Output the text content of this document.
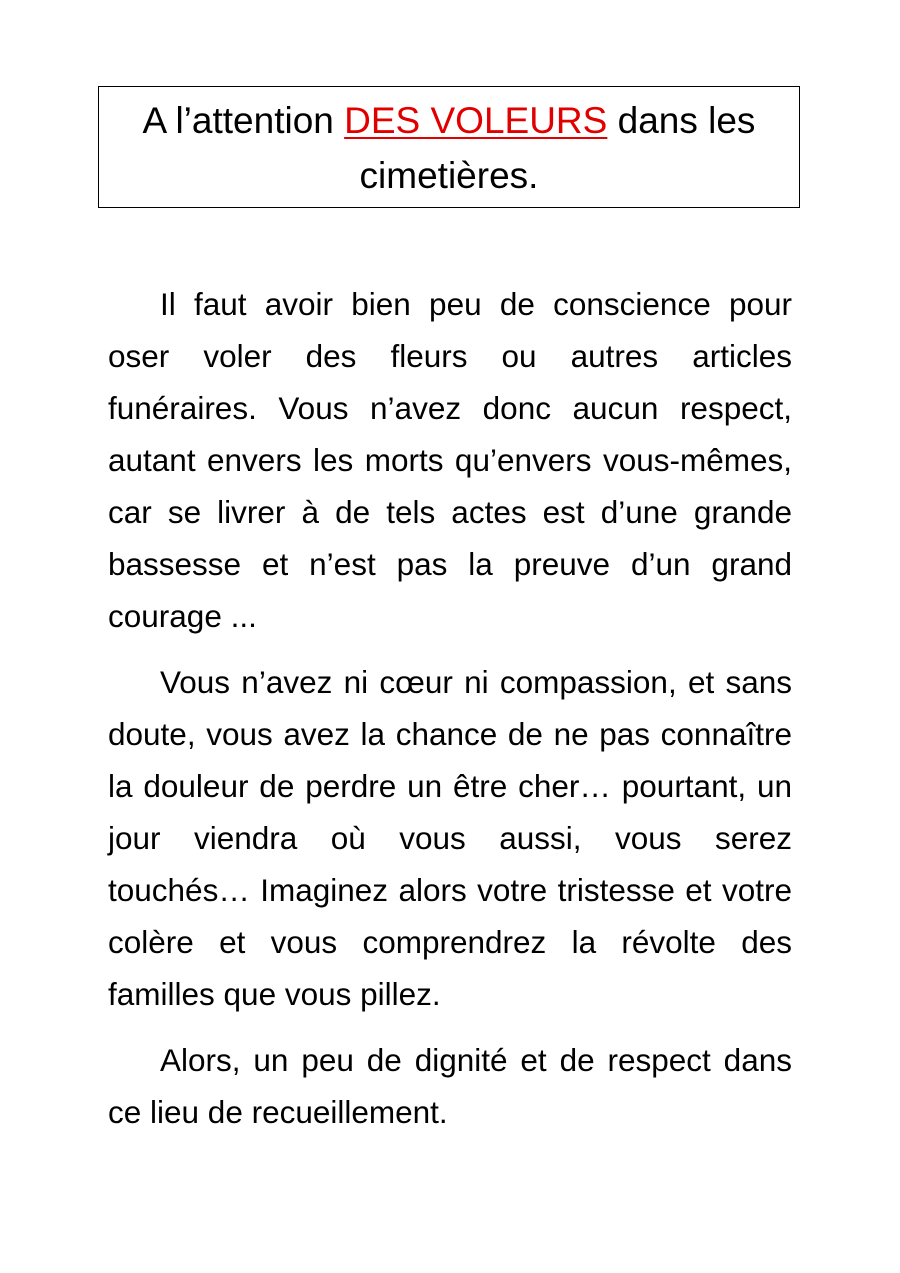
A l’attention DES VOLEURS dans les cimetières.

Il faut avoir bien peu de conscience pour oser voler des fleurs ou autres articles funéraires. Vous n’avez donc aucun respect, autant envers les morts qu’envers vous-mêmes, car se livrer à de tels actes est d’une grande bassesse et n’est pas la preuve d’un grand courage ...

Vous n’avez ni cœur ni compassion, et sans doute, vous avez la chance de ne pas connaître la douleur de perdre un être cher… pourtant, un jour viendra où vous aussi, vous serez touchés… Imaginez alors votre tristesse et votre colère et vous comprendrez la révolte des familles que vous pillez.

Alors, un peu de dignité et de respect dans ce lieu de recueillement.
